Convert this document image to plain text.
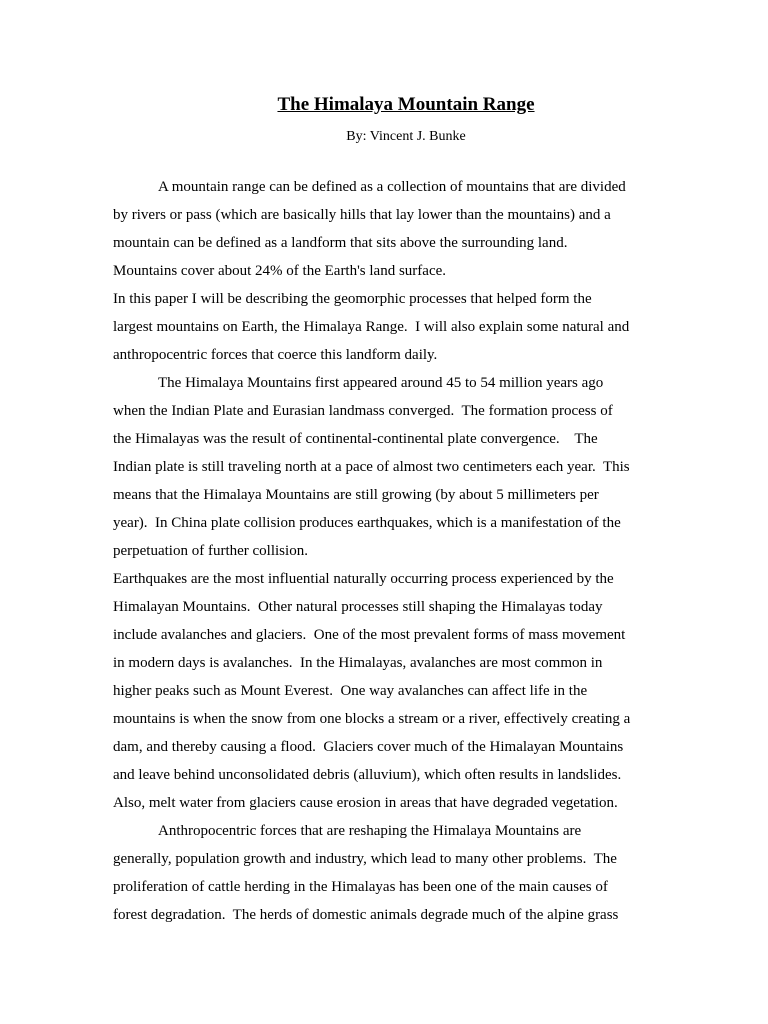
The Himalaya Mountain Range
By: Vincent J. Bunke
A mountain range can be defined as a collection of mountains that are divided
by rivers or pass (which are basically hills that lay lower than the mountains) and a
mountain can be defined as a landform that sits above the surrounding land.
Mountains cover about 24% of the Earth's land surface.
In this paper I will be describing the geomorphic processes that helped form the
largest mountains on Earth, the Himalaya Range.  I will also explain some natural and
anthropocentric forces that coerce this landform daily.
The Himalaya Mountains first appeared around 45 to 54 million years ago
when the Indian Plate and Eurasian landmass converged.  The formation process of
the Himalayas was the result of continental-continental plate convergence.    The
Indian plate is still traveling north at a pace of almost two centimeters each year.  This
means that the Himalaya Mountains are still growing (by about 5 millimeters per
year).  In China plate collision produces earthquakes, which is a manifestation of the
perpetuation of further collision.
Earthquakes are the most influential naturally occurring process experienced by the
Himalayan Mountains.  Other natural processes still shaping the Himalayas today
include avalanches and glaciers.  One of the most prevalent forms of mass movement
in modern days is avalanches.  In the Himalayas, avalanches are most common in
higher peaks such as Mount Everest.  One way avalanches can affect life in the
mountains is when the snow from one blocks a stream or a river, effectively creating a
dam, and thereby causing a flood.  Glaciers cover much of the Himalayan Mountains
and leave behind unconsolidated debris (alluvium), which often results in landslides.
Also, melt water from glaciers cause erosion in areas that have degraded vegetation.
Anthropocentric forces that are reshaping the Himalaya Mountains are
generally, population growth and industry, which lead to many other problems.  The
proliferation of cattle herding in the Himalayas has been one of the main causes of
forest degradation.  The herds of domestic animals degrade much of the alpine grass
